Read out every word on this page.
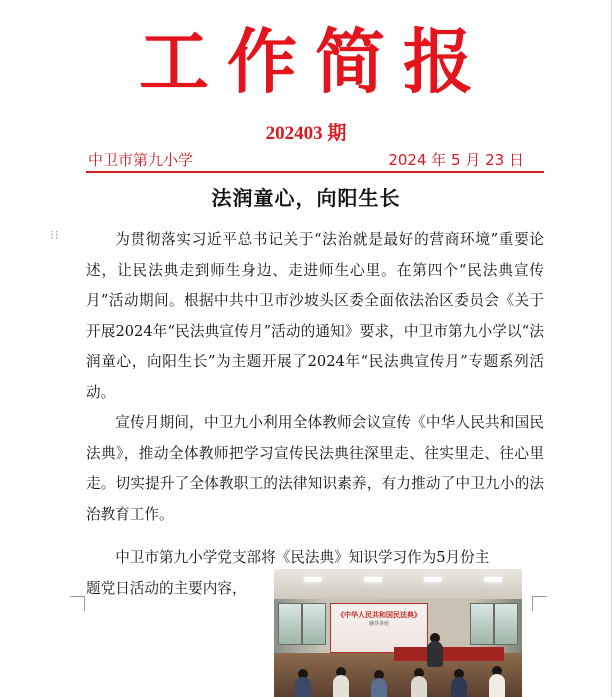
工作简报
202403 期
中卫市第九小学	2024 年 5 月 23 日
法润童心，向阳生长
⁝⁝	为贯彻落实习近平总书记关于“法治就是最好的营商环境”重要论述，让民法典走到师生身边、走进师生心里。在第四个“民法典宣传月”活动期间。根据中共中卫市沙坡头区委全面依法治区委员会《关于开展2024年“民法典宣传月”活动的通知》要求，中卫市第九小学以“法润童心，向阳生长”为主题开展了2024年“民法典宣传月”专题系列活动。

宣传月期间，中卫九小利用全体教师会议宣传《中华人民共和国民法典》，推动全体教师把学习宣传民法典往深里走、往实里走、往心里走。切实提升了全体教职工的法律知识素养，有力推动了中卫九小的法治教育工作。

中卫市第九小学党支部将《民法典》知识学习作为5月份主
题党日活动的主要内容，
《中华人民共和国民法典》
辅导讲座
